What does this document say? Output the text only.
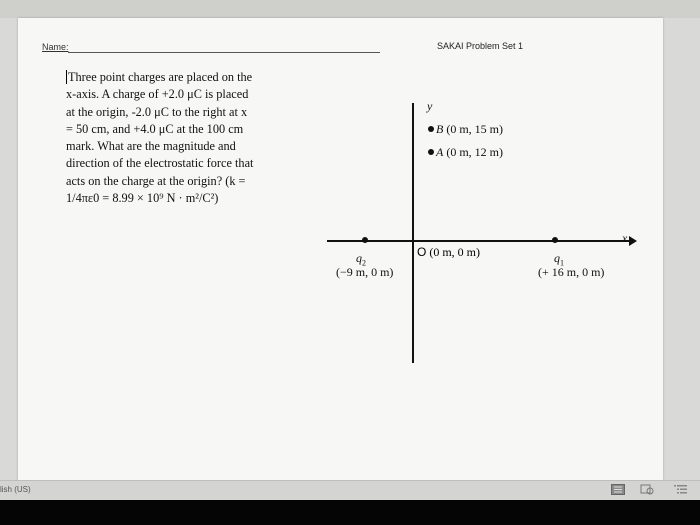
Name:	SAKAI Problem Set 1
Three point charges are placed on the
x-axis. A charge of +2.0 μC is placed
at the origin, -2.0 μC to the right at x
= 50 cm, and +4.0 μC at the 100 cm
mark. What are the magnitude and
direction of the electrostatic force that
acts on the charge at the origin? (k =
1/4πε0 = 8.99 × 10⁹ N · m²/C²)
y
x
B (0 m, 15 m)
A (0 m, 12 m)
O (0 m, 0 m)
$q_2$
(−9 m, 0 m)
$q_1$
(+ 16 m, 0 m)
lish (US)
